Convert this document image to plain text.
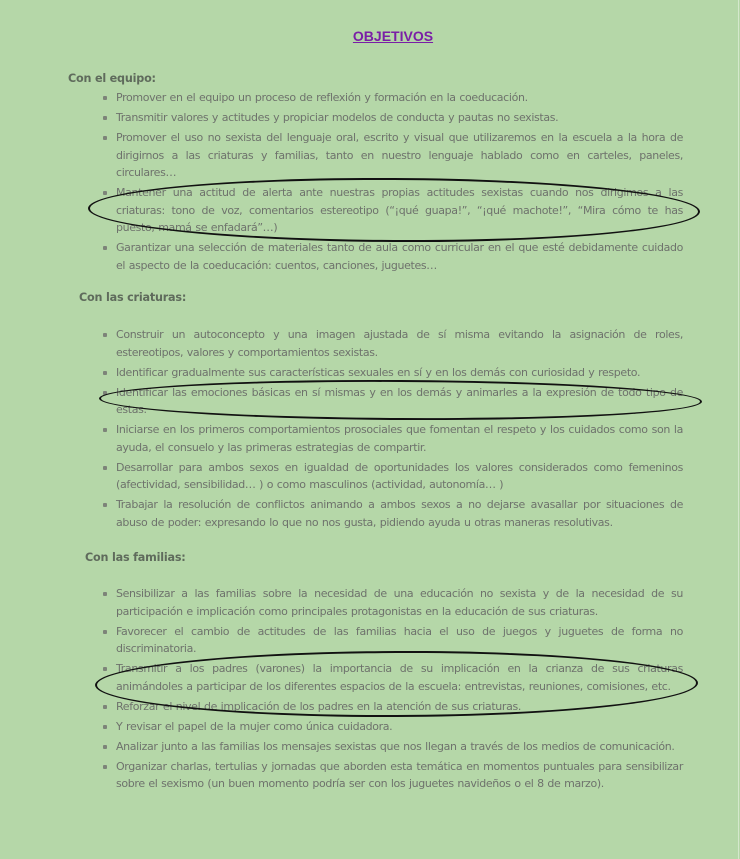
OBJETIVOS
Con el equipo:
Promover en el equipo un proceso de reflexión y formación en la coeducación.
Transmitir valores y actitudes y propiciar modelos de conducta y pautas no sexistas.
Promover el uso no sexista del lenguaje oral, escrito y visual que utilizaremos en la escuela a la hora de dirigirnos a las criaturas y familias, tanto en nuestro lenguaje hablado como en carteles, paneles, circulares…
Mantener una actitud de alerta ante nuestras propias actitudes sexistas cuando nos dirigimos a las criaturas: tono de voz, comentarios estereotipo (“¡qué guapa!”, “¡qué machote!”, “Mira cómo te has puesto, mamá se enfadará”…)
Garantizar una selección de materiales tanto de aula como curricular en el que esté debidamente cuidado el aspecto de la coeducación: cuentos, canciones, juguetes…
Con las criaturas:
Construir un autoconcepto y una imagen ajustada de sí misma evitando la asignación de roles, estereotipos, valores y comportamientos sexistas.
Identificar gradualmente sus características sexuales en sí y en los demás con curiosidad y respeto.
Identificar las emociones básicas en sí mismas y en los demás y animarles a la expresión de todo tipo de estas.
Iniciarse en los primeros comportamientos prosociales que fomentan el respeto y los cuidados como son la ayuda, el consuelo y las primeras estrategias de compartir.
Desarrollar para ambos sexos en igualdad de oportunidades los valores considerados como femeninos (afectividad, sensibilidad… ) o como masculinos (actividad, autonomía… )
Trabajar la resolución de conflictos animando a ambos sexos a no dejarse avasallar por situaciones de abuso de poder: expresando lo que no nos gusta, pidiendo ayuda u otras maneras resolutivas.
Con las familias:
Sensibilizar a las familias sobre la necesidad de una educación no sexista y de la necesidad de su participación e implicación como principales protagonistas en la educación de sus criaturas.
Favorecer el cambio de actitudes de las familias hacia el uso de juegos y juguetes de forma no discriminatoria.
Transmitir a los padres (varones) la importancia de su implicación en la crianza de sus criaturas animándoles a participar de los diferentes espacios de la escuela: entrevistas, reuniones, comisiones, etc.
Reforzar el nivel de implicación de los padres en la atención de sus criaturas.
Y revisar el papel de la mujer como única cuidadora.
Analizar junto a las familias los mensajes sexistas que nos llegan a través de los medios de comunicación.
Organizar charlas, tertulias y jornadas que aborden esta temática en momentos puntuales para sensibilizar sobre el sexismo (un buen momento podría ser con los juguetes navideños o el 8 de marzo).
